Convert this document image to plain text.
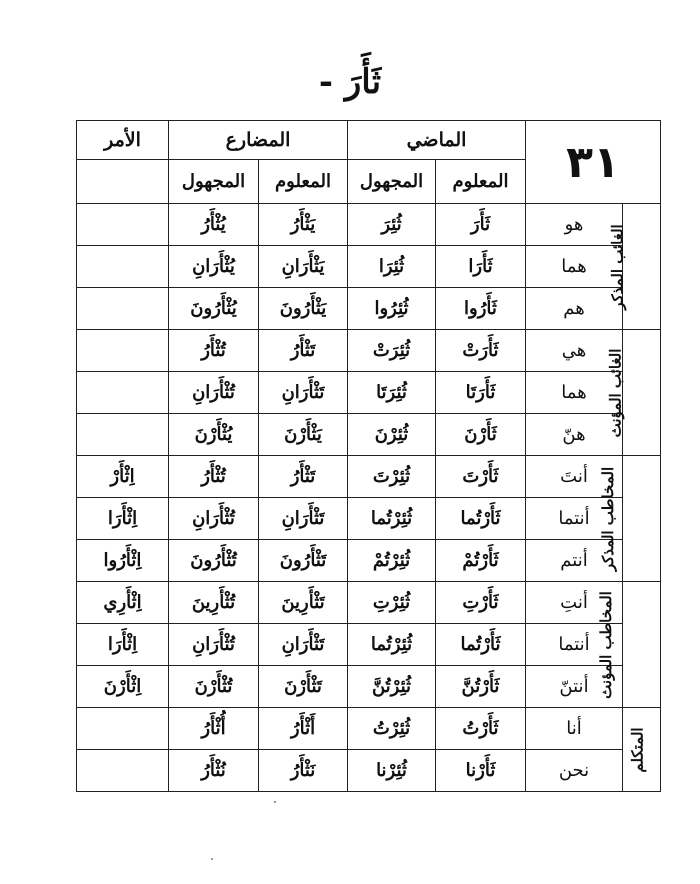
ثَأَرَ -
الأمر	المضارع		الماضي		٣١	
	المجهول	المعلوم	المجهول	المعلوم		
	يُثْأَرُ	يَثْأَرُ	ثُئِرَ	ثَأَرَ	هو	الغائب المذكر
	يُثْأَرَانِ	يَثْأَرَانِ	ثُئِرَا	ثَأَرَا	هما	
	يُثْأَرُونَ	يَثْأَرُونَ	ثُئِرُوا	ثَأَرُوا	هم	
	تُثْأَرُ	تَثْأَرُ	ثُئِرَتْ	ثَأَرَتْ	هي	الغائب المؤنث
	تُثْأَرَانِ	تَثْأَرَانِ	ثُئِرَتَا	ثَأَرَتَا	هما	
	يُثْأَرْنَ	يَثْأَرْنَ	ثُئِرْنَ	ثَأَرْنَ	هنّ	
اِثْأَرْ	تُثْأَرُ	تَثْأَرُ	ثُئِرْتَ	ثَأَرْتَ	أنتَ	المخاطب المذكر
اِثْأَرَا	تُثْأَرَانِ	تَثْأَرَانِ	ثُئِرْتُما	ثَأَرْتُما	أنتما	
اِثْأَرُوا	تُثْأَرُونَ	تَثْأَرُونَ	ثُئِرْتُمْ	ثَأَرْتُمْ	أنتم	
اِثْأَرِي	تُثْأَرِينَ	تَثْأَرِينَ	ثُئِرْتِ	ثَأَرْتِ	أنتِ	المخاطب المؤنث
اِثْأَرَا	تُثْأَرَانِ	تَثْأَرَانِ	ثُئِرْتُما	ثَأَرْتُما	أنتما	
اِثْأَرْنَ	تُثْأَرْنَ	تَثْأَرْنَ	ثُئِرْتُنَّ	ثَأَرْتُنَّ	أنتنّ	
	أُثْأَرُ	أَثْأَرُ	ثُئِرْتُ	ثَأَرْتُ	أنا	المتكلم
	نُثْأَرُ	نَثْأَرُ	ثُئِرْنا	ثَأَرْنا	نحن	
